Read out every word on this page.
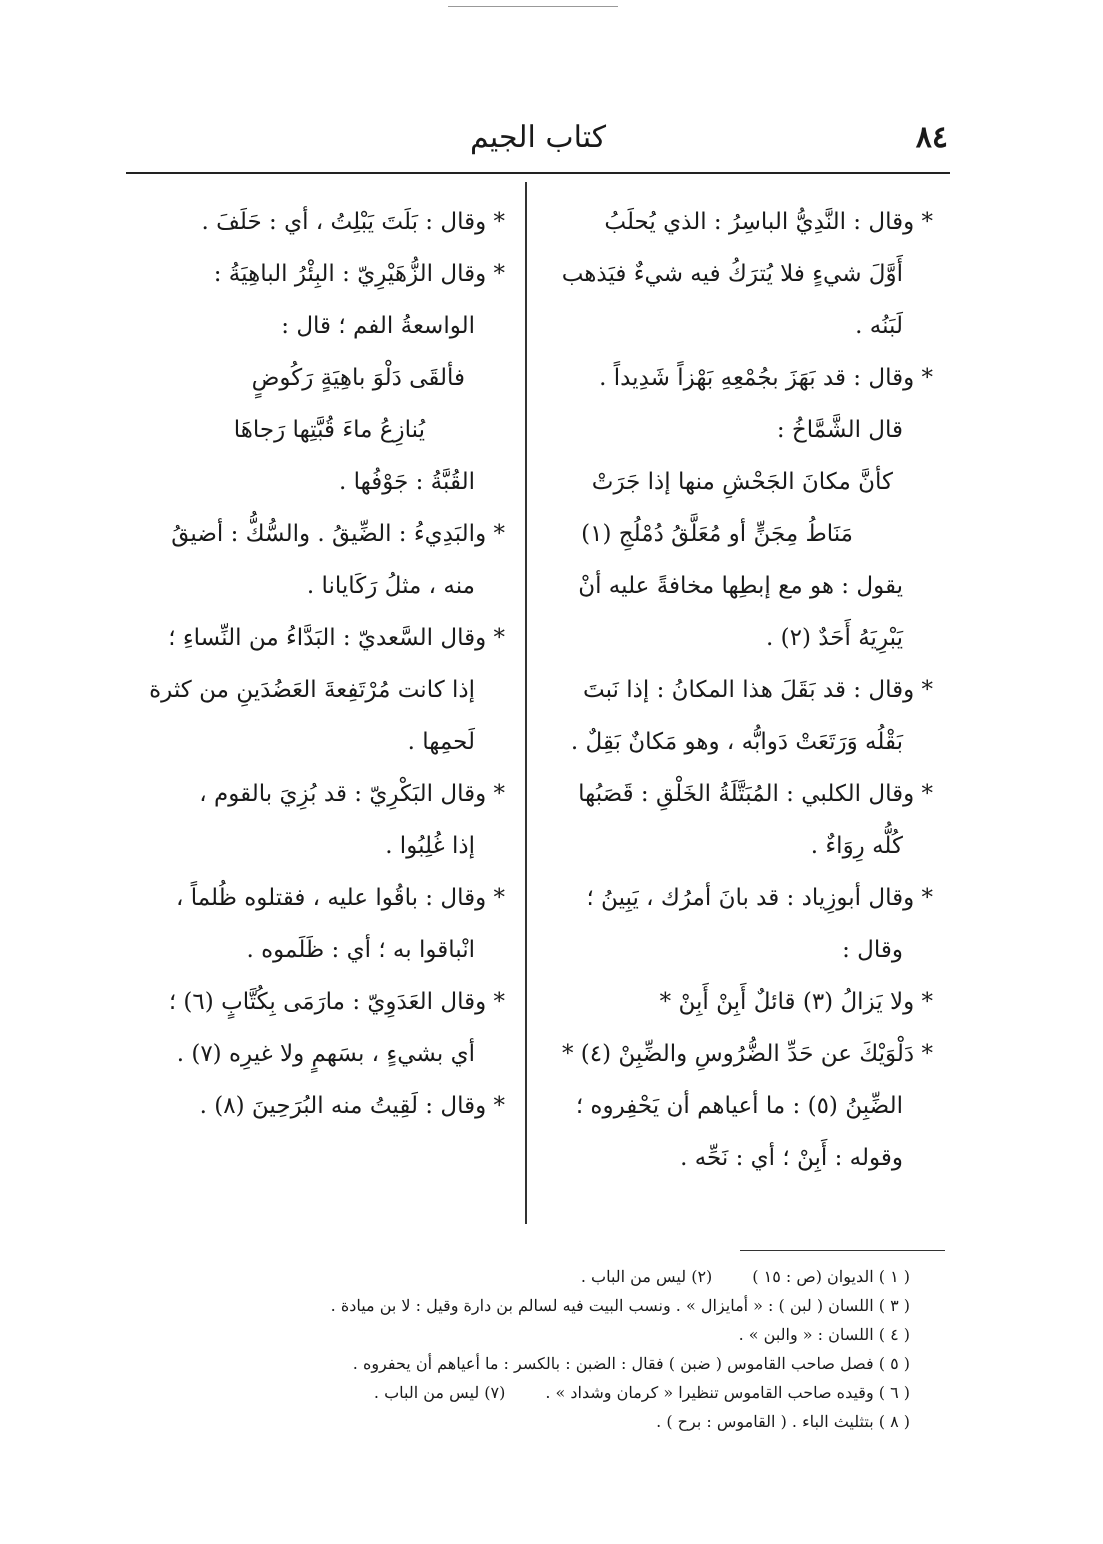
٨٤
كتاب الجيم
* وقال : النَّدِيُّ الباسِرُ : الذي يُحلَبُ
أَوَّلَ شيءٍ فلا يُترَكُ فيه شيءٌ فيَذهب
لَبَنُه .
* وقال : قد بَهَزَ بجُمْعِهِ بَهْزاً شَدِيداً .
قال الشَّمَّاخُ :
كأنَّ مكانَ الجَحْشِ منها إذا جَرَتْ
مَنَاطُ مِجَنٍّ أو مُعَلَّقُ دُمْلُجِ (١)
يقول : هو مع إبطِها مخافةً عليه أنْ
يَبْرِيَهُ أَحَدٌ (٢) .
* وقال : قد بَقَلَ هذا المكانُ : إذا نَبتَ
بَقْلُه وَرَتَعَتْ دَوابُّه ، وهو مَكانٌ بَقِلٌ .
* وقال الكلبي : المُبَتَّلَةُ الخَلْقِ : قَصَبُها
كُلُّه رِوَاءٌ .
* وقال أبوزِياد : قد بانَ أمرُك ، يَبِينُ ؛
وقال :
* ولا يَزالُ (٣) قائلٌ أَبِنْ أَبِنْ *
* دَلْوَيْكَ عن حَدِّ الضُّرُوسِ والضِّبِنْ (٤) *
الضِّبِنُ (٥) : ما أعياهم أن يَحْفِروه ؛
وقوله : أَبِنْ ؛ أي : نَحِّه .
* وقال : بَلَتَ يَبْلِتُ ، أي : حَلَفَ .
* وقال الزُّهَيْرِيّ : البِئْرُ الباهِيَةُ :
الواسعةُ الفم ؛ قال :
فألقَى دَلْوَ باهِيَةٍ رَكُوضٍ
يُنازِعُ ماءَ قُبَّتِها رَجاهَا
القُبَّةُ : جَوْفُها .
* والبَدِيءُ : الضِّيقُ . والسُّكُّ : أضيقُ
منه ، مثلُ رَكَايانا .
* وقال السَّعديّ : البَدَّاءُ من النِّساءِ ؛
إذا كانت مُرْتَفِعةَ العَضُدَينِ من كثرة
لَحمِها .
* وقال البَكْرِيّ : قد بُزِيَ بالقوم ،
إذا غُلِبُوا .
* وقال : باقُوا عليه ، فقتلوه ظُلماً ،
انْباقوا به ؛ أي : ظَلَموه .
* وقال العَدَوِيّ : مارَمَى بِكُتَّابٍ (٦) ؛
أي بشيءٍ ، بسَهمٍ ولا غيرِه (٧) .
* وقال : لَقِيتُ منه البُرَحِينَ (٨) .
( ١ ) الديوان (ص : ١٥ )(٢) ليس من الباب .
( ٣ ) اللسان ( لبن ) : « أمايزال » . ونسب البيت فيه لسالم بن دارة وقيل : لا بن ميادة .
( ٤ ) اللسان : « والبن » .
( ٥ ) فصل صاحب القاموس ( ضبن ) فقال : الضبن : بالكسر : ما أعياهم أن يحفروه .
( ٦ ) وقيده صاحب القاموس تنظيرا « كرمان وشداد » .(٧) ليس من الباب .
( ٨ ) بتثليث الباء . ( القاموس : برح ) .
